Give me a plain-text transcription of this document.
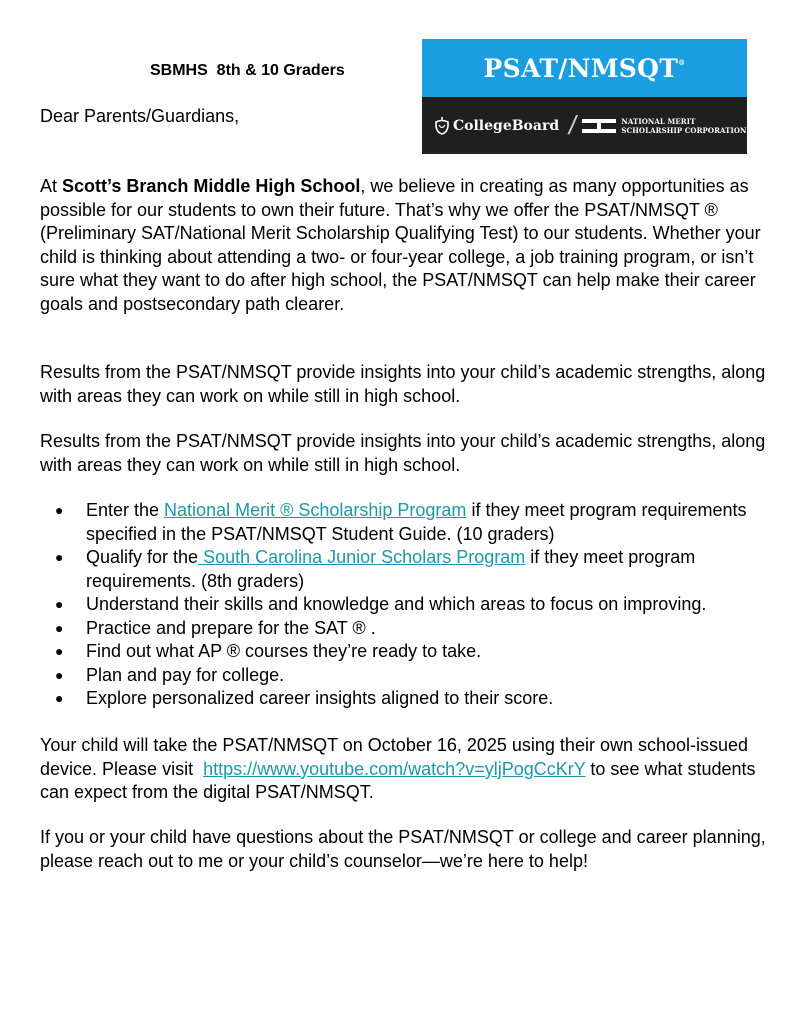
SBMHS  8th & 10 Graders
Dear Parents/Guardians,
PSAT/NMSQT®
CollegeBoard /	NATIONAL MERIT
SCHOLARSHIP CORPORATION
At Scott’s Branch Middle High School, we believe in creating as many opportunities as possible for our students to own their future. That’s why we offer the PSAT/NMSQT ® (Preliminary SAT/National Merit Scholarship Qualifying Test) to our students. Whether your child is thinking about attending a two- or four-year college, a job training program, or isn’t sure what they want to do after high school, the PSAT/NMSQT can help make their career goals and postsecondary path clearer.
Results from the PSAT/NMSQT provide insights into your child’s academic strengths, along with areas they can work on while still in high school.
Results from the PSAT/NMSQT provide insights into your child’s academic strengths, along with areas they can work on while still in high school.
● Enter the National Merit ® Scholarship Program if they meet program requirements specified in the PSAT/NMSQT Student Guide. (10 graders)
● Qualify for the South Carolina Junior Scholars Program if they meet program requirements. (8th graders)
● Understand their skills and knowledge and which areas to focus on improving.
● Practice and prepare for the SAT ® .
● Find out what AP ® courses they’re ready to take.
● Plan and pay for college.
● Explore personalized career insights aligned to their score.
Your child will take the PSAT/NMSQT on October 16, 2025 using their own school-issued device. Please visit  https://www.youtube.com/watch?v=yljPogCcKrY to see what students can expect from the digital PSAT/NMSQT.
If you or your child have questions about the PSAT/NMSQT or college and career planning, please reach out to me or your child’s counselor—we’re here to help!
